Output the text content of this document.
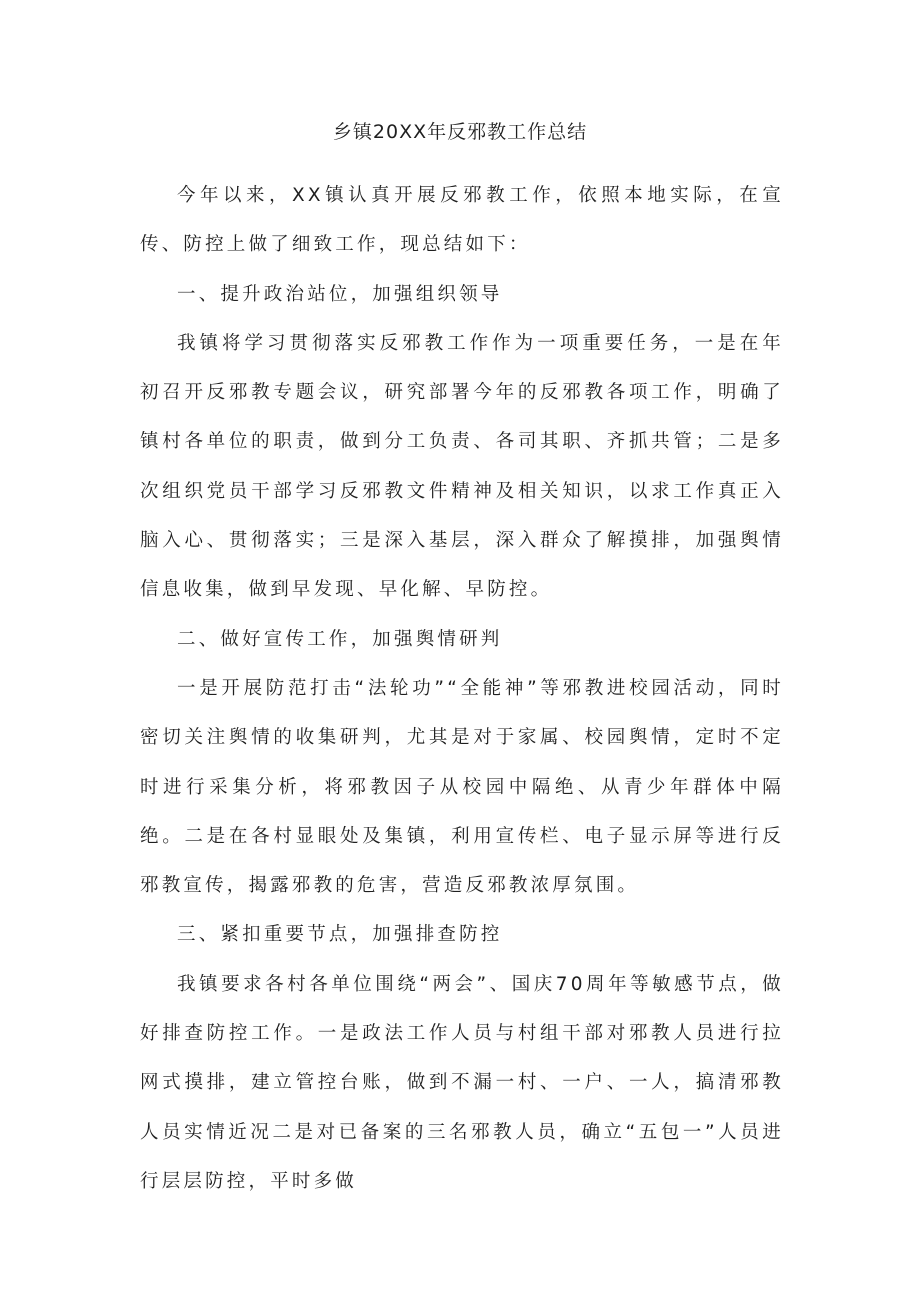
乡镇20XX年反邪教工作总结

今年以来，XX镇认真开展反邪教工作，依照本地实际，在宣传、防控上做了细致工作，现总结如下：

一、提升政治站位，加强组织领导

我镇将学习贯彻落实反邪教工作作为一项重要任务，一是在年初召开反邪教专题会议，研究部署今年的反邪教各项工作，明确了镇村各单位的职责，做到分工负责、各司其职、齐抓共管；二是多次组织党员干部学习反邪教文件精神及相关知识，以求工作真正入脑入心、贯彻落实；三是深入基层，深入群众了解摸排，加强舆情信息收集，做到早发现、早化解、早防控。

二、做好宣传工作，加强舆情研判

一是开展防范打击“法轮功”“全能神”等邪教进校园活动，同时密切关注舆情的收集研判，尤其是对于家属、校园舆情，定时不定时进行采集分析，将邪教因子从校园中隔绝、从青少年群体中隔绝。二是在各村显眼处及集镇，利用宣传栏、电子显示屏等进行反邪教宣传，揭露邪教的危害，营造反邪教浓厚氛围。

三、紧扣重要节点，加强排查防控

我镇要求各村各单位围绕“两会”、国庆70周年等敏感节点，做好排查防控工作。一是政法工作人员与村组干部对邪教人员进行拉网式摸排，建立管控台账，做到不漏一村、一户、一人，搞清邪教人员实情近况二是对已备案的三名邪教人员，确立“五包一”人员进行层层防控，平时多做
